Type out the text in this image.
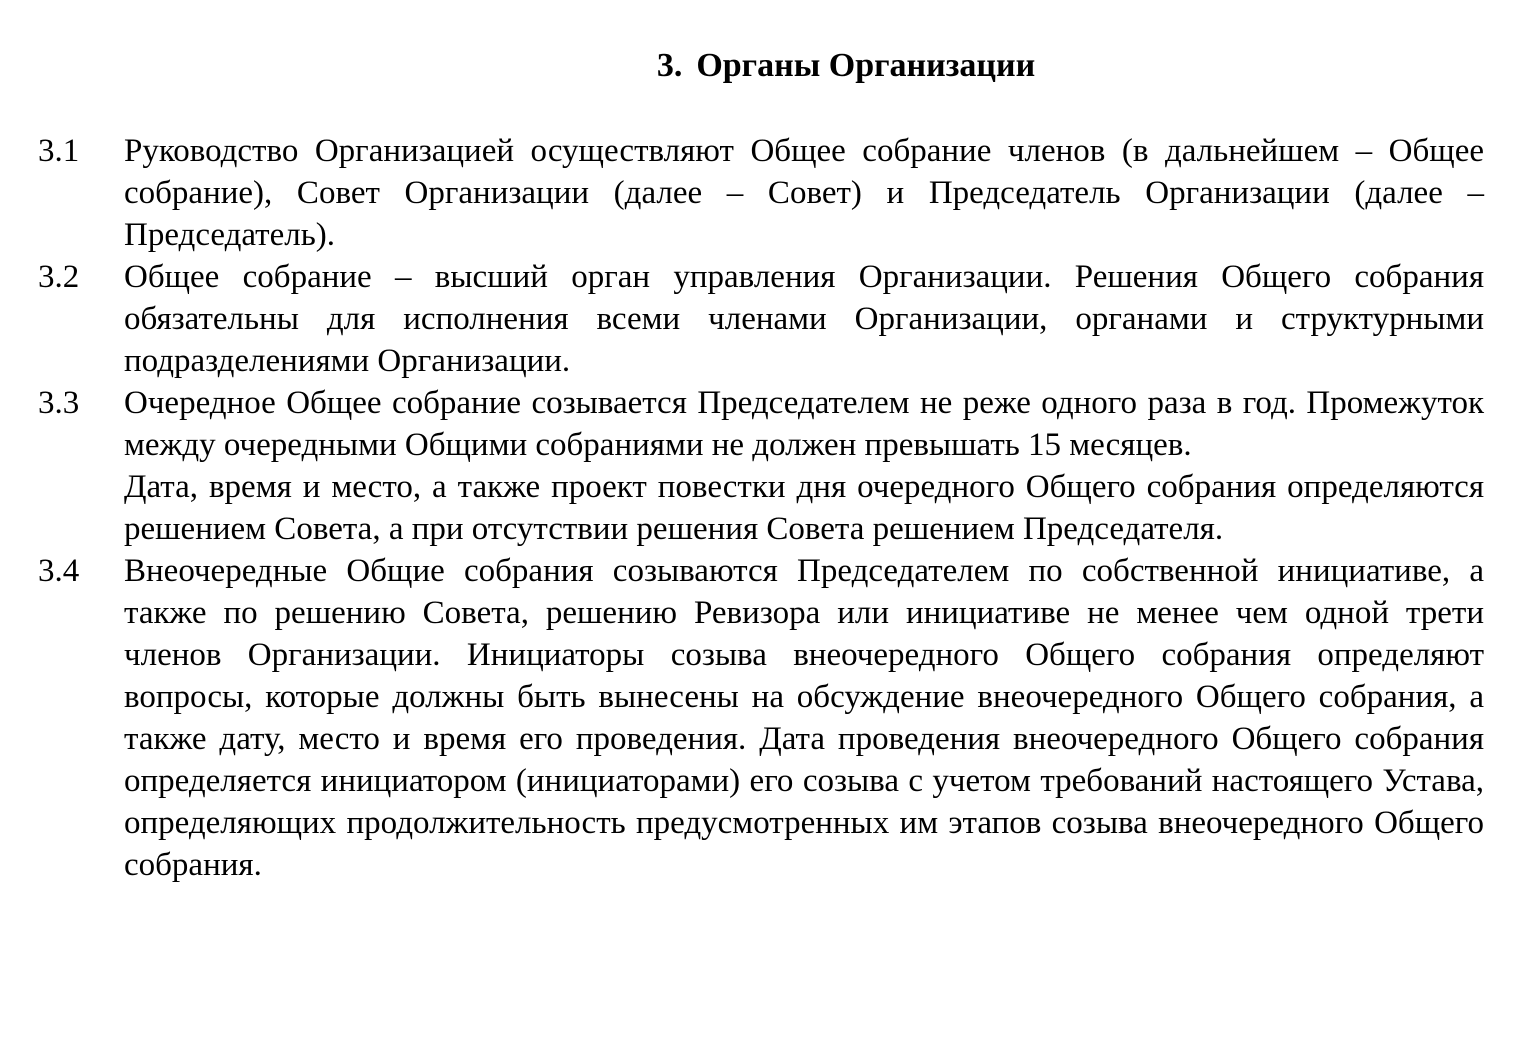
3. Органы Организации
3.1	Руководство Организацией осуществляют Общее собрание членов (в дальнейшем – Общее собрание), Совет Организации (далее – Совет) и Председатель Организации (далее – Председатель).

3.2	Общее собрание – высший орган управления Организации. Решения Общего собрания обязательны для исполнения всеми членами Организации, органами и структурными подразделениями Организации.

3.3	Очередное Общее собрание созывается Председателем не реже одного раза в год. Промежуток между очередными Общими собраниями не должен превышать 15 месяцев.

Дата, время и место, а также проект повестки дня очередного Общего собрания определяются решением Совета, а при отсутствии решения Совета решением Председателя.

3.4	Внеочередные Общие собрания созываются Председателем по собственной инициативе, а также по решению Совета, решению Ревизора или инициативе не менее чем одной трети членов Организации. Инициаторы созыва внеочередного Общего собрания определяют вопросы, которые должны быть вынесены на обсуждение внеочередного Общего собрания, а также дату, место и время его проведения. Дата проведения внеочередного Общего собрания определяется инициатором (инициаторами) его созыва с учетом требований настоящего Устава, определяющих продолжительность предусмотренных им этапов созыва внеочередного Общего собрания.
